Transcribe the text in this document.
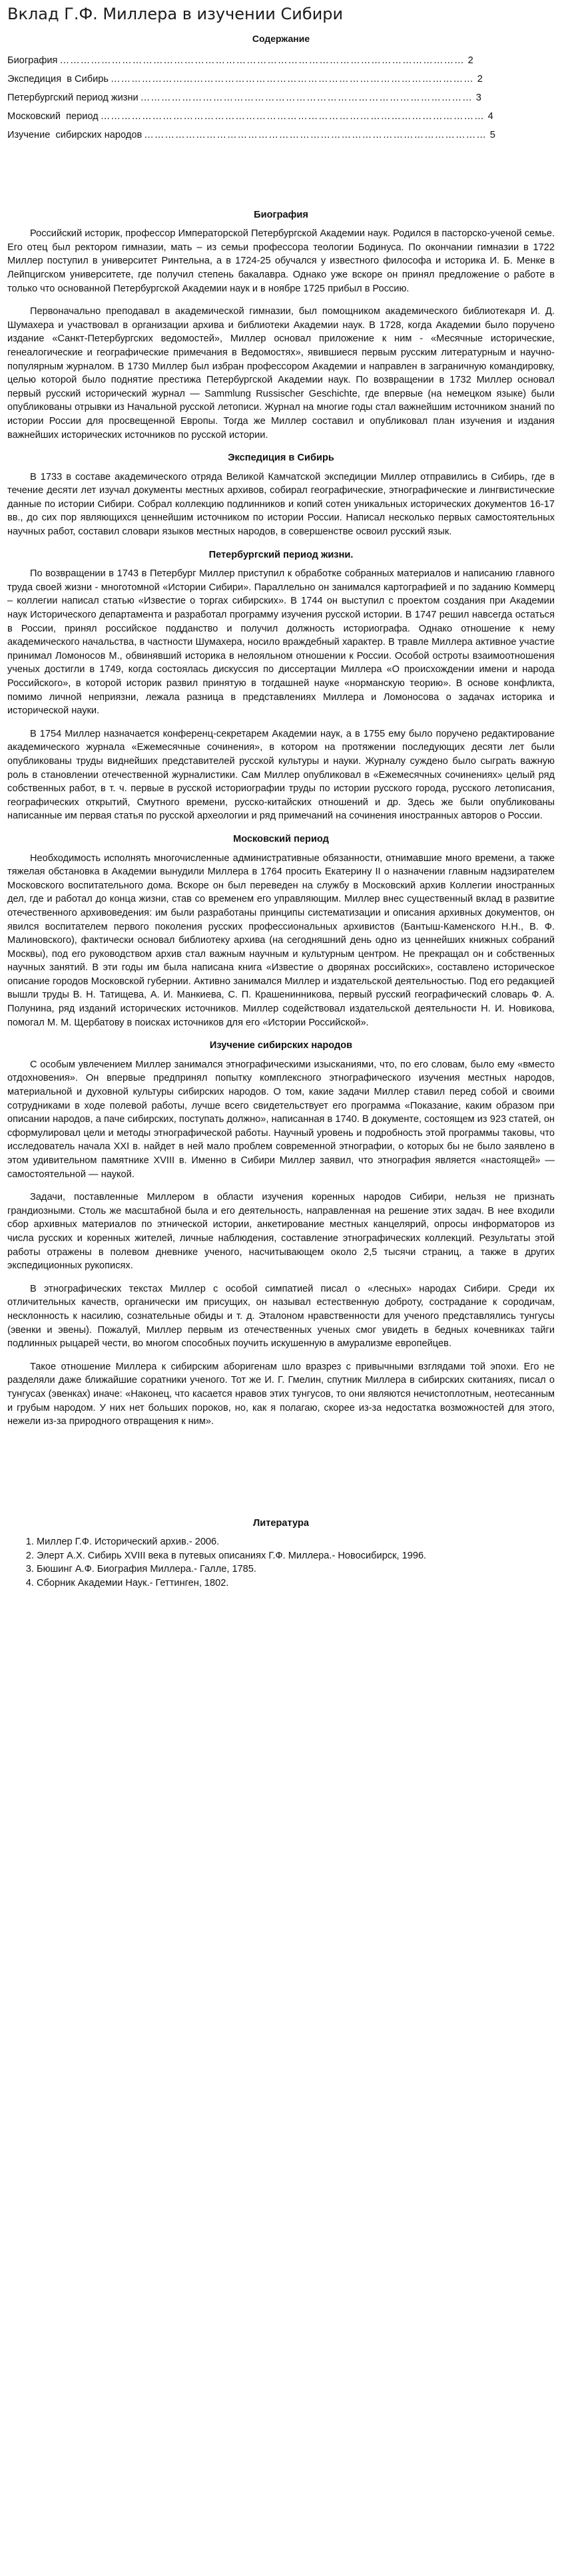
Вклад Г.Ф. Миллера в изучении Сибири
Содержание
Биография ……………………………………………………………………………………………………… 2
Экспедиция  в Сибирь …………………………………………………………………………………………… 2
Петербургский период жизни …………………………………………………………………………………… 3
Московский  период ………………………………………………………………………………………………… 4
Изучение  сибирских народов ……………………………………………………………………………………… 5
Биография

Российский историк, профессор Императорской Петербургской Академии наук. Родился в пасторско-ученой семье. Его отец был ректором гимназии, мать – из семьи профессора теологии Бодинуса. По окончании гимназии в 1722 Миллер поступил в университет Ринтельна, а в 1724-25 обучался у известного философа и историка И. Б. Менке в Лейпцигском университете, где получил степень бакалавра. Однако уже вскоре он принял предложение о работе в только что основанной Петербургской Академии наук и в ноябре 1725 прибыл в Россию.

Первоначально преподавал в академической гимназии, был помощником академического библиотекаря И. Д. Шумахера и участвовал в организации архива и библиотеки Академии наук. В 1728, когда Академии было поручено издание «Санкт-Петербургских ведомостей», Миллер основал приложение к ним - «Месячные исторические, генеалогические и географические примечания в Ведомостях», явившиеся первым русским литературным и научно-популярным журналом. В 1730 Миллер был избран профессором Академии и направлен в заграничную командировку, целью которой было поднятие престижа Петербургской Академии наук. По возвращении в 1732 Миллер основал первый русский исторический журнал — Sammlung Russischer Geschichte, где впервые (на немецком языке) были опубликованы отрывки из Начальной русской летописи. Журнал на многие годы стал важнейшим источником знаний по истории России для просвещенной Европы. Тогда же Миллер составил и опубликовал план изучения и издания важнейших исторических источников по русской истории.

Экспедиция в Сибирь

В 1733 в составе академического отряда Великой Камчатской экспедиции Миллер отправились в Сибирь, где в течение десяти лет изучал документы местных архивов, собирал географические, этнографические и лингвистические данные по истории Сибири. Собрал коллекцию подлинников и копий сотен уникальных исторических документов 16-17 вв., до сих пор являющихся ценнейшим источником по истории России. Написал несколько первых самостоятельных научных работ, составил словари языков местных народов, в совершенстве освоил русский язык.

Петербургский период жизни.

По возвращении в 1743 в Петербург Миллер приступил к обработке собранных материалов и написанию главного труда своей жизни - многотомной «Истории Сибири». Параллельно он занимался картографией и по заданию Коммерц – коллегии написал статью «Известие о торгах сибирских». В 1744 он выступил с проектом создания при Академии наук Исторического департамента и разработал программу изучения русской истории. В 1747 решил навсегда остаться в России, принял российское подданство и получил должность историографа. Однако отношение к нему академического начальства, в частности Шумахера, носило враждебный характер. В травле Миллера активное участие принимал Ломоносов М., обвинявший историка в нелояльном отношении к России. Особой остроты взаимоотношения ученых достигли в 1749, когда состоялась дискуссия по диссертации Миллера «О происхождении имени и народа Российского», в которой историк развил принятую в тогдашней науке «норманскую теорию». В основе конфликта, помимо личной неприязни, лежала разница в представлениях Миллера и Ломоносова о задачах историка и исторической науки.

В 1754 Миллер назначается конференц-секретарем Академии наук, а в 1755 ему было поручено редактирование академического журнала «Ежемесячные сочинения», в котором на протяжении последующих десяти лет были опубликованы труды виднейших представителей русской культуры и науки. Журналу суждено было сыграть важную роль в становлении отечественной журналистики. Сам Миллер опубликовал в «Ежемесячных сочинениях» целый ряд собственных работ, в т. ч. первые в русской историографии труды по истории русского города, русского летописания, географических открытий, Смутного времени, русско-китайских отношений и др. Здесь же были опубликованы написанные им первая статья по русской археологии и ряд примечаний на сочинения иностранных авторов о России.

Московский период

Необходимость исполнять многочисленные административные обязанности, отнимавшие много времени, а также тяжелая обстановка в Академии вынудили Миллера в 1764 просить Екатерину II о назначении главным надзирателем Московского воспитательного дома. Вскоре он был переведен на службу в Московский архив Коллегии иностранных дел, где и работал до конца жизни, став со временем его управляющим. Миллер внес существенный вклад в развитие отечественного архивоведения: им были разработаны принципы систематизации и описания архивных документов, он явился воспитателем первого поколения русских профессиональных архивистов (Бантыш-Каменского Н.Н., В. Ф. Малиновского), фактически основал библиотеку архива (на сегодняшний день одно из ценнейших книжных собраний Москвы), под его руководством архив стал важным научным и культурным центром. Не прекращал он и собственных научных занятий. В эти годы им была написана книга «Известие о дворянах российских», составлено историческое описание городов Московской губернии. Активно занимался Миллер и издательской деятельностью. Под его редакцией вышли труды В. Н. Татищева, А. И. Манкиева, С. П. Крашенинникова, первый русский географический словарь Ф. А. Полунина, ряд изданий исторических источников. Миллер содействовал издательской деятельности Н. И. Новикова, помогал М. М. Щербатову в поисках источников для его «Истории Российской».

Изучение сибирских народов

С особым увлечением Миллер занимался этнографическими изысканиями, что, по его словам, было ему «вместо отдохновения». Он впервые предпринял попытку комплексного этнографического изучения местных народов, материальной и духовной культуры сибирских народов. О том, какие задачи Миллер ставил перед собой и своими сотрудниками в ходе полевой работы, лучше всего свидетельствует его программа «Показание, каким образом при описании народов, а паче сибирских, поступать должно», написанная в 1740. В документе, состоящем из 923 статей, он сформулировал цели и методы этнографической работы. Научный уровень и подробность этой программы таковы, что исследователь начала XXI в. найдет в ней мало проблем современной этнографии, о которых бы не было заявлено в этом удивительном памятнике XVIII в. Именно в Сибири Миллер заявил, что этнография является «настоящей» — самостоятельной — наукой.

Задачи, поставленные Миллером в области изучения коренных народов Сибири, нельзя не признать грандиозными. Столь же масштабной была и его деятельность, направленная на решение этих задач. В нее входили сбор архивных материалов по этнической истории, анкетирование местных канцелярий, опросы информаторов из числа русских и коренных жителей, личные наблюдения, составление этнографических коллекций. Результаты этой работы отражены в полевом дневнике ученого, насчитывающем около 2,5 тысячи страниц, а также в других экспедиционных рукописях.

В этнографических текстах Миллер с особой симпатией писал о «лесных» народах Сибири. Среди их отличительных качеств, органически им присущих, он называл естественную доброту, сострадание к сородичам, несклонность к насилию, сознательные обиды и т. д. Эталоном нравственности для ученого представлялись тунгусы (эвенки и эвены). Пожалуй, Миллер первым из отечественных ученых смог увидеть в бедных кочевниках тайги подлинных рыцарей чести, во многом способных поучить искушенную в амурализме европейцев.

Такое отношение Миллера к сибирским аборигенам шло вразрез с привычными взглядами той эпохи. Его не разделяли даже ближайшие соратники ученого. Тот же И. Г. Гмелин, спутник Миллера в сибирских скитаниях, писал о тунгусах (эвенках) иначе: «Наконец, что касается нравов этих тунгусов, то они являются нечистоплотным, неотесанным и грубым народом. У них нет больших пороков, но, как я полагаю, скорее из-за недостатка возможностей для этого, нежели из-за природного отвращения к ним».

Литература
1. Миллер Г.Ф. Исторический архив.- 2006.
2. Элерт А.Х. Сибирь XVIII века в путевых описаниях Г.Ф. Миллера.- Новосибирск, 1996.
3. Бюшинг А.Ф. Биография Миллера.- Галле, 1785.
4. Сборник Академии Наук.- Геттинген, 1802.
